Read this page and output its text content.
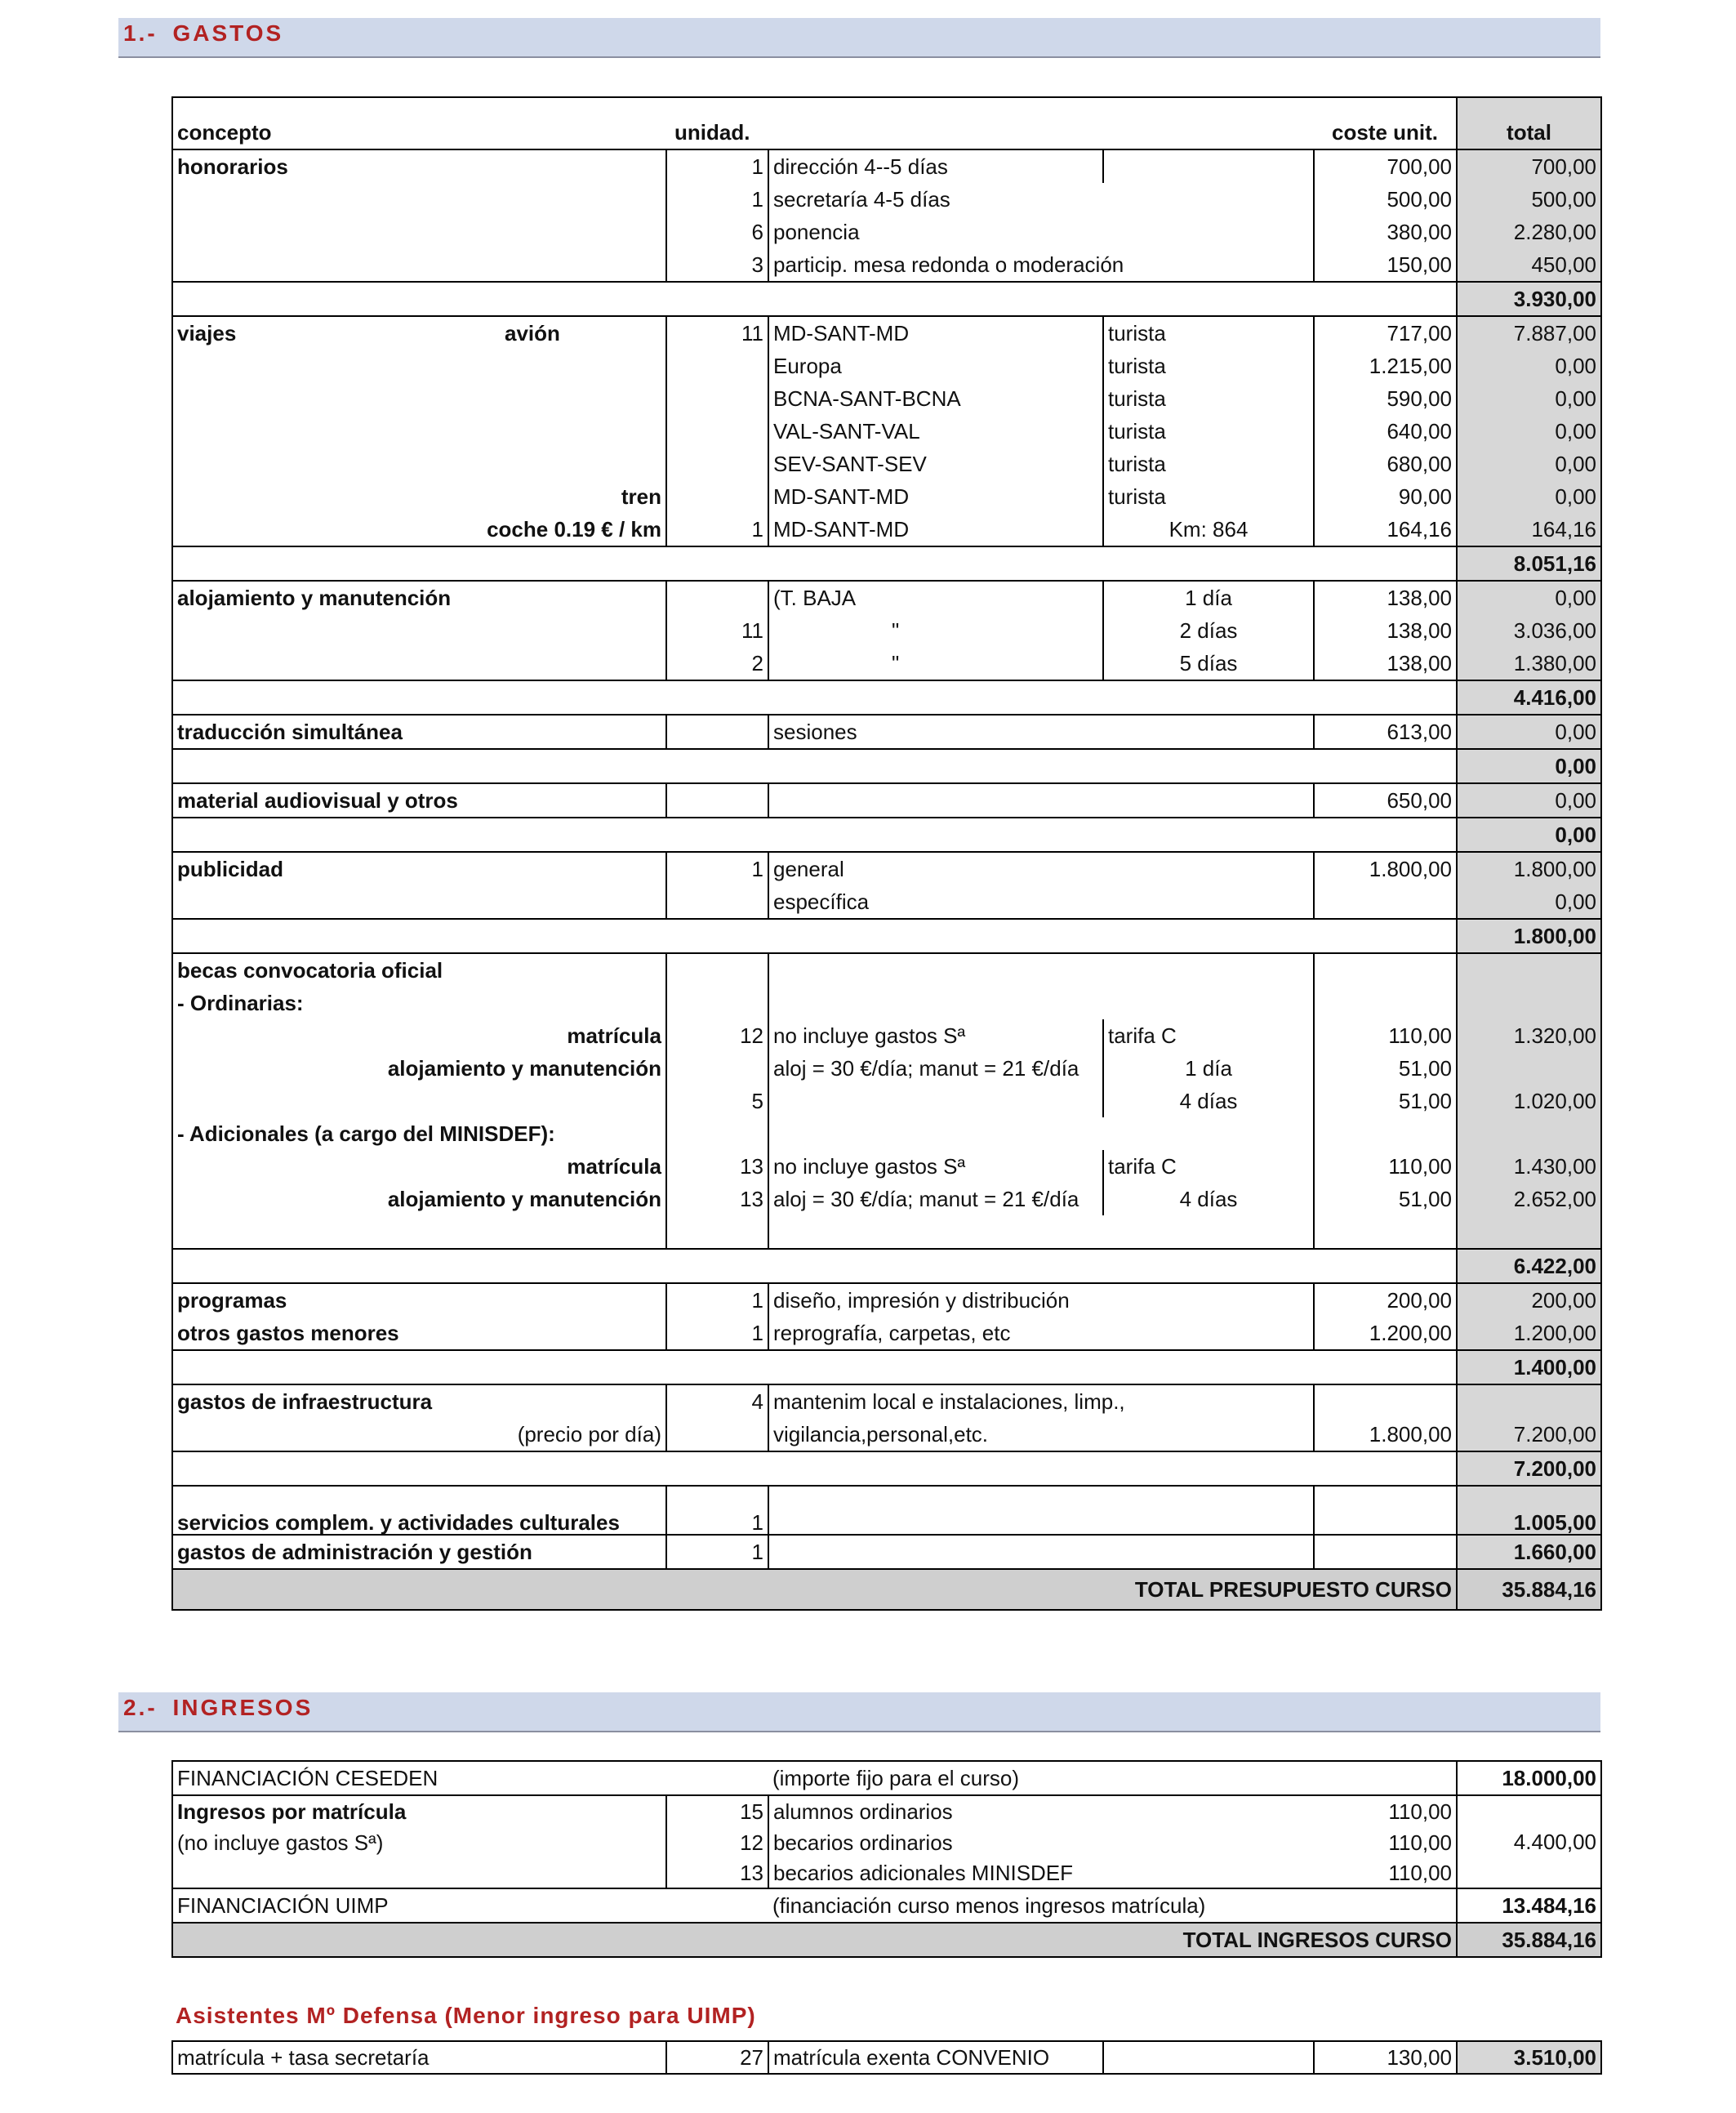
1.- GASTOS
concepto	unidad.			coste unit.	total
honorarios	1	dirección 4--5 días		700,00	700,00
	1	secretaría 4-5 días		500,00	500,00
	6	ponencia		380,00	2.280,00
	3	particip. mesa redonda o moderación		150,00	450,00
					3.930,00
viajes avión	11	MD-SANT-MD	turista	717,00	7.887,00
		Europa	turista	1.215,00	0,00
		BCNA-SANT-BCNA	turista	590,00	0,00
		VAL-SANT-VAL	turista	640,00	0,00
		SEV-SANT-SEV	turista	680,00	0,00
tren		MD-SANT-MD	turista	90,00	0,00
coche 0.19 € / km	1	MD-SANT-MD	Km: 864	164,16	164,16
					8.051,16
alojamiento y manutención		(T. BAJA	1 día	138,00	0,00
	11	"	2 días	138,00	3.036,00
	2	"	5 días	138,00	1.380,00
					4.416,00
traducción simultánea		sesiones		613,00	0,00
					0,00
material audiovisual y otros				650,00	0,00
					0,00
publicidad	1	general		1.800,00	1.800,00
		específica			0,00
					1.800,00
becas convocatoria oficial					
- Ordinarias:					
matrícula	12	no incluye gastos Sª	tarifa C	110,00	1.320,00
alojamiento y manutención		aloj = 30 €/día; manut = 21 €/día	1 día	51,00	
	5		4 días	51,00	1.020,00
- Adicionales (a cargo del MINISDEF):					
matrícula	13	no incluye gastos Sª	tarifa C	110,00	1.430,00
alojamiento y manutención	13	aloj = 30 €/día; manut = 21 €/día	4 días	51,00	2.652,00

					6.422,00
programas	1	diseño, impresión y distribución		200,00	200,00
otros gastos menores	1	reprografía, carpetas, etc		1.200,00	1.200,00
					1.400,00
gastos de infraestructura	4	mantenim local e instalaciones, limp.,			
(precio por día)		vigilancia,personal,etc.		1.800,00	7.200,00
					7.200,00
servicios complem. y actividades culturales	1				1.005,00
gastos de administración y gestión	1				1.660,00
TOTAL PRESUPUESTO CURSO					35.884,16
2.- INGRESOS
FINANCIACIÓN CESEDEN		(importe fijo para el curso)		18.000,00
Ingresos por matrícula	15	alumnos ordinarios	110,00	4.400,00
(no incluye gastos Sª)	12	becarios ordinarios	110,00	
	13	becarios adicionales MINISDEF	110,00	
FINANCIACIÓN UIMP		(financiación curso menos ingresos matrícula)		13.484,16
TOTAL INGRESOS CURSO				35.884,16
Asistentes Mº Defensa (Menor ingreso para UIMP)
matrícula + tasa secretaría	27	matrícula exenta CONVENIO		130,00	3.510,00
